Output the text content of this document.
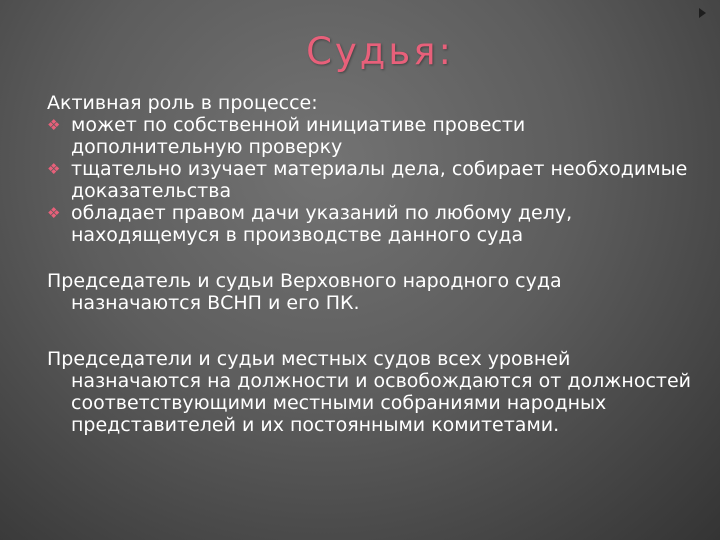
Судья:

Активная роль в процессе:

❖ может по собственной инициативе провести дополнительную проверку
❖ тщательно изучает материалы дела, собирает необходимые доказательства
❖ обладает правом дачи указаний по любому делу, находящемуся в производстве данного суда

Председатель и судьи Верховного народного суда назначаются ВСНП и его ПК.

Председатели и судьи местных судов всех уровней назначаются на должности и освобождаются от должностей соответствующими местными собраниями народных представителей и их постоянными комитетами.
